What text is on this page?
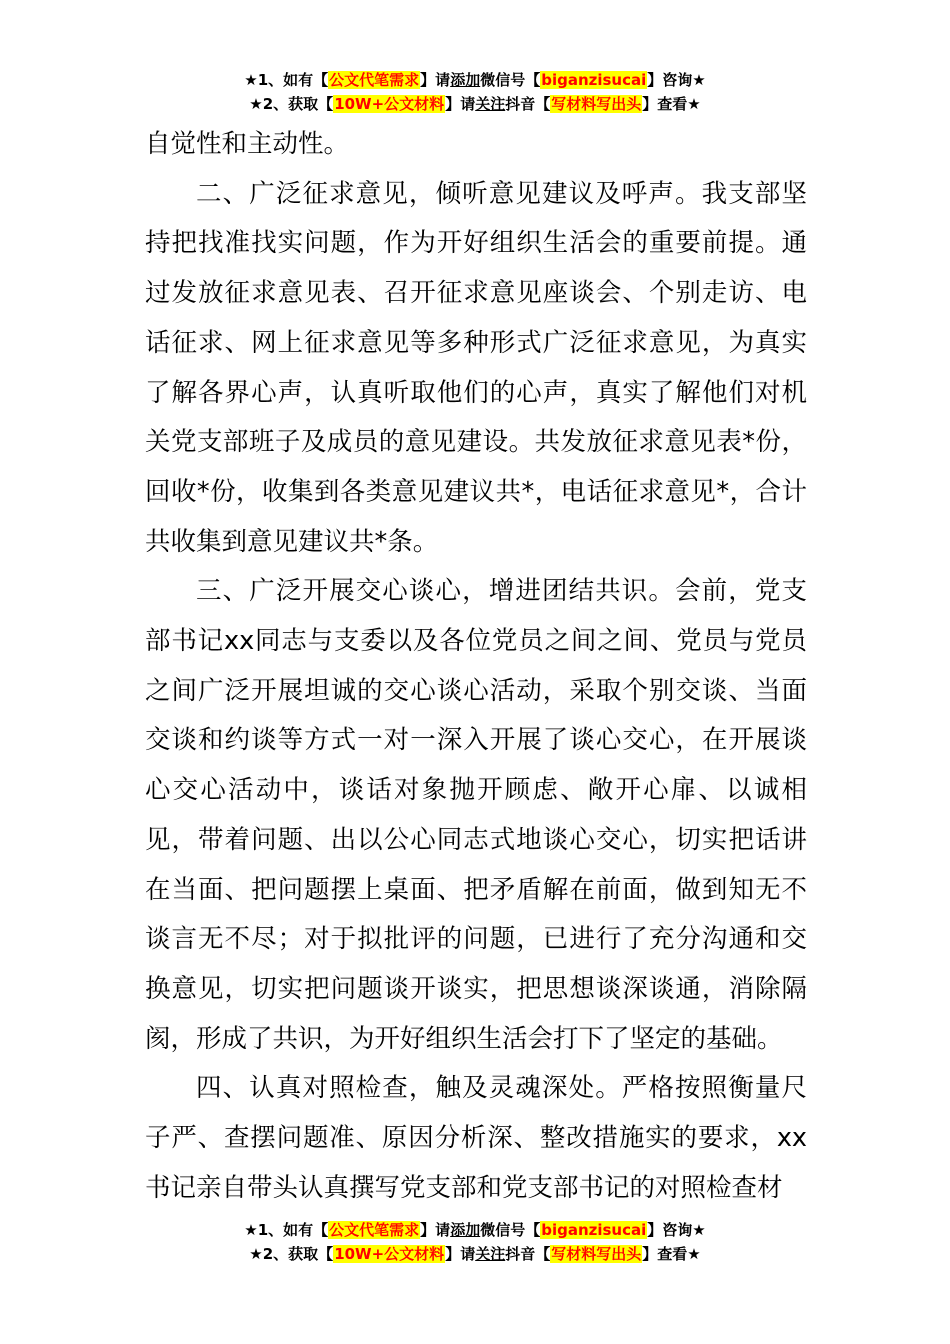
★1、如有【公文代笔需求】请添加微信号【biganzisucai】咨询★
★2、获取【10W+公文材料】请关注抖音【写材料写出头】查看★

自觉性和主动性。

二、广泛征求意见，倾听意见建议及呼声。我支部坚持把找准找实问题，作为开好组织生活会的重要前提。通过发放征求意见表、召开征求意见座谈会、个别走访、电话征求、网上征求意见等多种形式广泛征求意见，为真实了解各界心声，认真听取他们的心声，真实了解他们对机关党支部班子及成员的意见建设。共发放征求意见表*份，回收*份，收集到各类意见建议共*，电话征求意见*，合计共收集到意见建议共*条。

三、广泛开展交心谈心，增进团结共识。会前，党支部书记xx同志与支委以及各位党员之间之间、党员与党员之间广泛开展坦诚的交心谈心活动，采取个别交谈、当面交谈和约谈等方式一对一深入开展了谈心交心，在开展谈心交心活动中，谈话对象抛开顾虑、敞开心扉、以诚相见，带着问题、出以公心同志式地谈心交心，切实把话讲在当面、把问题摆上桌面、把矛盾解在前面，做到知无不谈言无不尽；对于拟批评的问题，已进行了充分沟通和交换意见，切实把问题谈开谈实，把思想谈深谈通，消除隔阂，形成了共识，为开好组织生活会打下了坚定的基础。

四、认真对照检查，触及灵魂深处。严格按照衡量尺子严、查摆问题准、原因分析深、整改措施实的要求，xx书记亲自带头认真撰写党支部和党支部书记的对照检查材

★1、如有【公文代笔需求】请添加微信号【biganzisucai】咨询★
★2、获取【10W+公文材料】请关注抖音【写材料写出头】查看★
